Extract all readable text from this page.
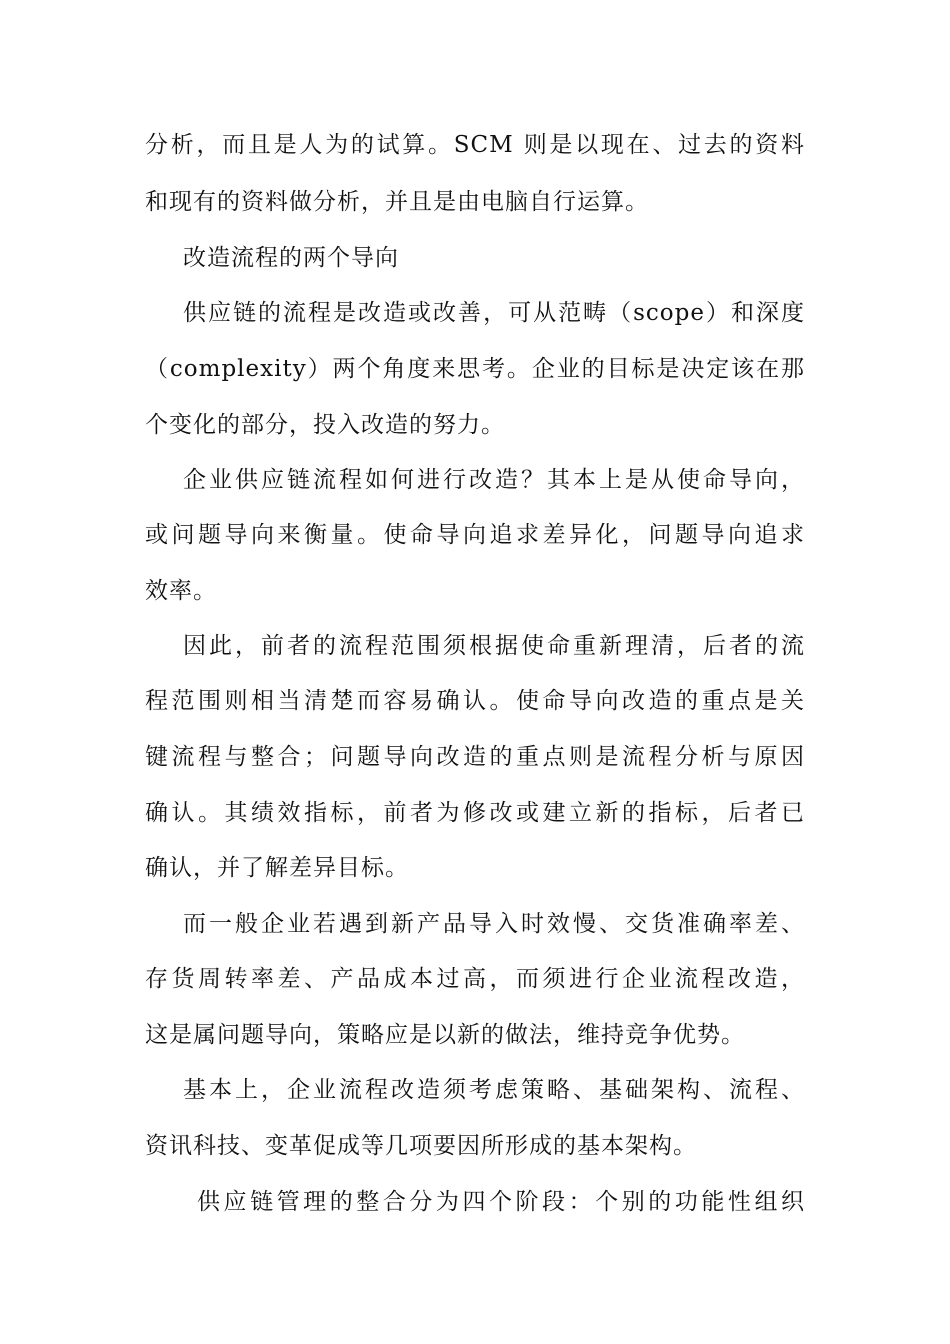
分析，而且是人为的试算。SCM 则是以现在、过去的资料
和现有的资料做分析，并且是由电脑自行运算。
改造流程的两个导向
供应链的流程是改造或改善，可从范畴（scope）和深度
（complexity）两个角度来思考。企业的目标是决定该在那
个变化的部分，投入改造的努力。
企业供应链流程如何进行改造？其本上是从使命导向，
或问题导向来衡量。使命导向追求差异化，问题导向追求
效率。
因此，前者的流程范围须根据使命重新理清，后者的流
程范围则相当清楚而容易确认。使命导向改造的重点是关
键流程与整合；问题导向改造的重点则是流程分析与原因
确认。其绩效指标，前者为修改或建立新的指标，后者已
确认，并了解差异目标。
而一般企业若遇到新产品导入时效慢、交货准确率差、
存货周转率差、产品成本过高，而须进行企业流程改造，
这是属问题导向，策略应是以新的做法，维持竞争优势。
基本上，企业流程改造须考虑策略、基础架构、流程、
资讯科技、变革促成等几项要因所形成的基本架构。
供应链管理的整合分为四个阶段：个别的功能性组织
